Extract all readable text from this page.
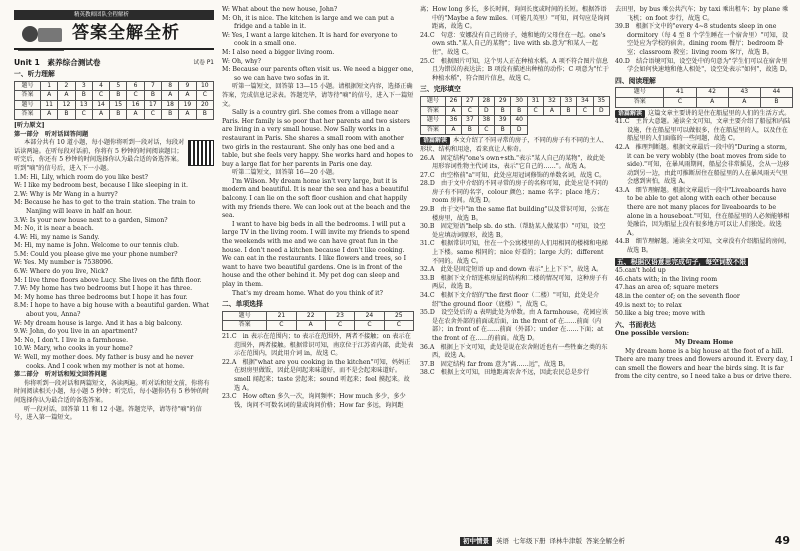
精英教师团队全程解析
答案全解全析
Unit 1　素养综合测试卷	试卷 P1
一、听力理解
题号	1	2	3	4	5	6	7	8	9	10
答案	A	A	B	C	B	C	B	A	A	C
题号	11	12	13	14	15	16	17	18	19	20
答案	A	B	C	A	B	A	C	B	A	B

[听力原文]

第一部分　听对话回答问题

本部分共有 10 道小题，每小题你将听到一段对话，每段对话读两遍。在听每段对话前，你将有 5 秒钟的时间阅读题目；听完后，你还有 5 秒钟的时间选择你认为最合适的备选答案。听到"嘀"的信号后，进入下一小题。

1.M: Hi, Lily, which room do you like best?

W: I like my bedroom best, because I like sleeping in it.

2.W: Why is Mr Wang in a hurry?

M: Because he has to get to the train station. The train to Nanjing will leave in half an hour.

3.W: Is your new house next to a garden, Simon?

M: No, it is near a beach.

4.W: Hi, my name is Sandy.

M: Hi, my name is John. Welcome to our tennis club.

5.M: Could you please give me your phone number?

W: Yes. My number is 7538096.

6.W: Where do you live, Nick?

M: I live three floors above Lucy. She lives on the fifth floor.

7.W: My home has two bedrooms but I hope it has three.

M: My home has three bedrooms but I hope it has four.

8.M: I hope to have a big house with a beautiful garden. What about you, Anna?

W: My dream house is large. And it has a big balcony.

9.W: John, do you live in an apartment?

M: No, I don't. I live in a farmhouse.

10.W: Mary, who cooks in your home?

W: Well, my mother does. My father is busy and he never cooks. And I cook when my mother is not at home.

第二部分　听对话和短文回答问题

你将听到一段对话和两篇短文，各读两遍。听对话和短文前，你将有时间阅读相关小题，每小题 5 秒钟；听完后，每小题你仍有 5 秒钟的时间选择你认为最合适的备选答案。

听一段对话，回答第 11 和 12 小题。答题完毕，请等待"嘀"的信号，进入第一篇短文。

W: What about the new house, John?

M: Oh, it is nice. The kitchen is large and we can put a fridge and a table in it.

W: Yes, I want a large kitchen. It is hard for everyone to cook in a small one.

M: I also need a bigger living room.

W: Oh, why?

M: Because our parents often visit us. We need a bigger one, so we can have two sofas in it.

听第一篇短文，回答第 13—15 小题。请根据短文内容，选择正确答案，完成信息记录表。答题完毕，请等待"嘀"的信号，进入下一篇短文。

Sally is a country girl. She comes from a village near Paris. Her family is so poor that her parents and two sisters are living in a very small house. Now Sally works in a restaurant in Paris. She shares a small room with another two girls in the restaurant. She only has one bed and a table, but she feels very happy. She works hard and hopes to buy a large flat for her parents in Paris one day.

听第二篇短文，回答第 16—20 小题。

I'm Wilson. My dream home isn't very large, but it is modern and beautiful. It is near the sea and has a beautiful balcony. I can lie on the soft floor cushion and chat happily with my friends there. We can look out at the beach and the sea.

I want to have big beds in all the bedrooms. I will put a large TV in the living room. I will invite my friends to spend the weekends with me and we can have great fun in the house. I don't need a kitchen because I don't like cooking. We can eat in the restaurants. I like flowers and trees, so I want to have two beautiful gardens. One is in front of the house and the other behind it. My pet dog can sleep and play in them.

That's my dream home. What do you think of it?

二、单项选择
题号	21	22	23	24	25
答案	C	A	C	C	C

21.C　in 表示在范围内；to 表示在范围外，两者不接触；on 表示在范围外，两者接触。根据常识可知，南京位于江苏省内部，此处表示在范围内，因此用介词 in，故选 C。

22.A　根据"what are you cooking in the kitchen"可知，妈妈正在厨房里做饭，因此是问起来味道好，而不是会起来味道好。smell 闻起来；taste 尝起来；sound 听起来；feel 摸起来。故选 A。

23.C　How often 多久一次，询问频率；How much 多少，多少钱，询问不可数名词的量或询问价格；How far 多远，询问距

离；How long 多长，多长时间，询问长度或时间的长短。根据答语中的"Maybe a few miles.（可能几英里）"可知，问句应是询问距离，故选 C。

24.C　句意：安娜没有自己的房子，她和她的父母住在一起。one's own sth."某人自己的某物"；live with sb.意为"和某人一起住"，故选 C。

25.C　根据图片可知，这个男人正在种植水稻。A 项不符合图片信息且为错误的表达法；B 项没有描述出种植的动作；C 项意为"忙于种植水稻"，符合图片信息，故选 C。

三、完形填空
题号	26	27	28	29	30	31	32	33	34	35
答案	A	C	D	B	B	C	A	B	C	D
题号	36	37	38	39	40					
答案	A	B	C	B	D					

语篇解读 本文介绍了不同寻常的房子，不同的房子有不同的主人、形状、结构和用途，看来真让人称奇。

26.A　固定结构"one's own+sth."表示"某人自己的某物"，故此处用形容词性物主代词 its，表示"它自己的……"。故选 A。

27.C　由空格前"a"可知，此处应用冠词修饰的单数名词，故选 C。

28.D　由于文中介绍的不同寻常的房子的名称可知，此处应是不同的房子有不同的名字，colour 颜色；name 名字；place 地方；room 房间。故选 D。

29.B　由于文中"in the same flat building"以及常识可知，公寓在楼房里，故选 B。

30.B　固定短语"help sb. do sth.（帮助某人做某事）"可知，设空处应填动词原形，故选 B。

31.C　根据常识可知，住在一个公寓楼里的人们用相同的楼梯和电梯上下楼。same 相同的；nice 好看的；large 大的；different 不同的。故选 C。

32.A　此处是固定短语 up and down 表示"上上下下"，故选 A。

33.B　根据下文介绍连栋房屋的结构和二楼的情况可知，这种房子有两层，故选 B。

34.C　根据下文介绍的"the first floor（二楼）"可知，此处是介绍"the ground floor（底楼）"，故选 C。

35.D　设空处后的 a 表明此处为单数。由 A farmhouse，花园应该是在农舍外部的前面或后面，in the front of 在……前面（内部）；in front of 在……前面（外部）；under 在……下面；at the front of 在……的前面。故选 D。

36.A　根据上下文可知，此处是说在农舍附近也有一些牲畜之类的东西，故选 A。

37.B　固定结构 far from 意为"离……远"，故选 B。

38.C　根据上文可知，田地距离农舍不远，因此农民总是步行

去田里，by bus 乘公共汽车；by taxi 乘出租车；by plane 乘飞机；on foot 步行，故选 C。

39.B　根据下文中的"every 4~8 students sleep in one dormitory（每 4 至 8 个学生睡在一个宿舍里）"可知，设空处应为学校的宿舍。dining room 餐厅；bedroom 卧室；classroom 教室；living room 客厅，故选 B。

40.D　结合语境可知，设空处中的句意为"学生们可以在宿舍里学会如何快速地和他人相处"，设空处表示"如何"，故选 D。

四、阅读理解
题号	41	42	43	44
答案	C	A	A	B

语篇解读 这篇文章主要讲的是住在船屋里的人们的生活方式。

41.C　主旨大意题。通读全文可知，文章主要介绍了船屋和内陆设施，住在船屋里可以做很多，住在船屋里的人，以及住在船屋里的人们面临的一些问题，故选 C。

42.A　推理判断题。根据文章最后一段中的"During a storm, it can be very wobbly (the boat moves from side to side)."可知，在暴风雨期间，船屋会非常摇晃，会从一边移动到另一边，由此可推断居住在船屋里的人在暴风雨天气里会感到害怕，故选 A。

43.A　细节理解题。根据文章最后一段中"Liveaboards have to be able to get along with each other because there are not many places for liveaboards to be alone in a houseboat."可知，住在船屋里的人必须能够相处融洽，因为船屋上没有很多地方可以让人们独处。故选 A。

44.B　细节理解题。通读全文可知，文章没有介绍船屋的房间，故选 B。

五、根据汉语意思完成句子，每空词数不限

45.can't hold up

46.chats with; in the living room

47.has an area of; square meters

48.in the center of; on the seventh floor

49.is next to; to relax

50.like a big tree; move with

六、书面表达

One possible version:

My Dream Home

My dream home is a big house at the foot of a hill. There are many trees and flowers around it. Every day, I can smell the flowers and hear the birds sing. It is far from the city centre, so I need take a bus or drive there.

初中情景	英语 七年级下册 译林牛津版 答案全解全析	49
